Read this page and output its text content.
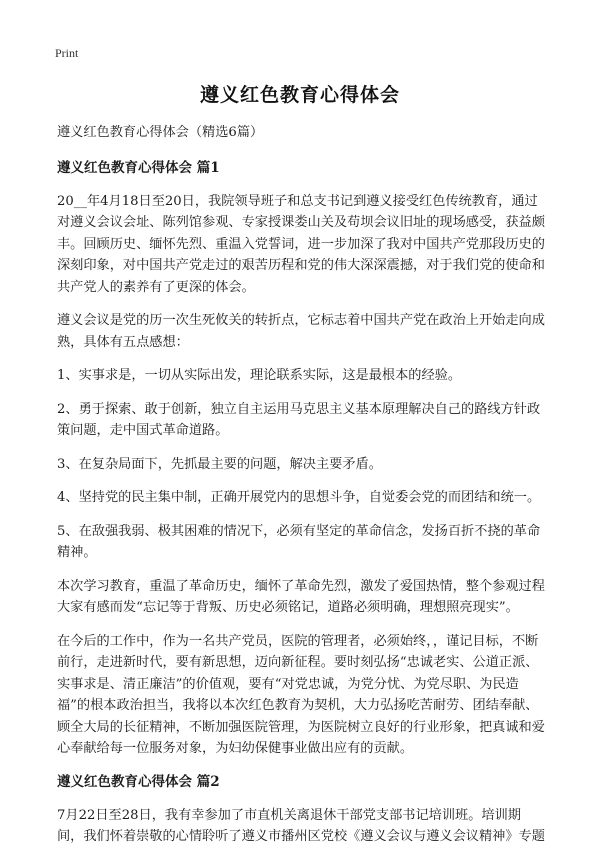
Print
遵义红色教育心得体会

遵义红色教育心得体会（精选6篇）

遵义红色教育心得体会 篇1

20__年4月18日至20日，我院领导班子和总支书记到遵义接受红色传统教育，通过对遵义会议会址、陈列馆参观、专家授课娄山关及苟坝会议旧址的现场感受，获益颇丰。回顾历史、缅怀先烈、重温入党誓词，进一步加深了我对中国共产党那段历史的深刻印象，对中国共产党走过的艰苦历程和党的伟大深深震撼，对于我们党的使命和共产党人的素养有了更深的体会。

遵义会议是党的历一次生死攸关的转折点，它标志着中国共产党在政治上开始走向成熟，具体有五点感想：

1、实事求是，一切从实际出发，理论联系实际，这是最根本的经验。

2、勇于探索、敢于创新，独立自主运用马克思主义基本原理解决自己的路线方针政策问题，走中国式革命道路。

3、在复杂局面下，先抓最主要的问题，解决主要矛盾。

4、坚持党的民主集中制，正确开展党内的思想斗争，自觉委会党的而团结和统一。

5、在敌强我弱、极其困难的情况下，必须有坚定的革命信念，发扬百折不挠的革命精神。

本次学习教育，重温了革命历史，缅怀了革命先烈，激发了爱国热情，整个参观过程大家有感而发“忘记等于背叛、历史必须铭记，道路必须明确，理想照亮现实”。

在今后的工作中，作为一名共产党员，医院的管理者，必须始终，，谨记目标，不断前行，走进新时代，要有新思想，迈向新征程。要时刻弘扬“忠诚老实、公道正派、实事求是、清正廉洁”的价值观，要有“对党忠诚，为党分忧、为党尽职、为民造福”的根本政治担当，我将以本次红色教育为契机，大力弘扬吃苦耐劳、团结奉献、顾全大局的长征精神，不断加强医院管理，为医院树立良好的行业形象，把真诚和爱心奉献给每一位服务对象，为妇幼保健事业做出应有的贡献。

遵义红色教育心得体会 篇2

7月22日至28日，我有幸参加了市直机关离退休干部党支部书记培训班。培训期间，我们怀着崇敬的心情聆听了遵义市播州区党校《遵义会议与遵义会议精神》专题
